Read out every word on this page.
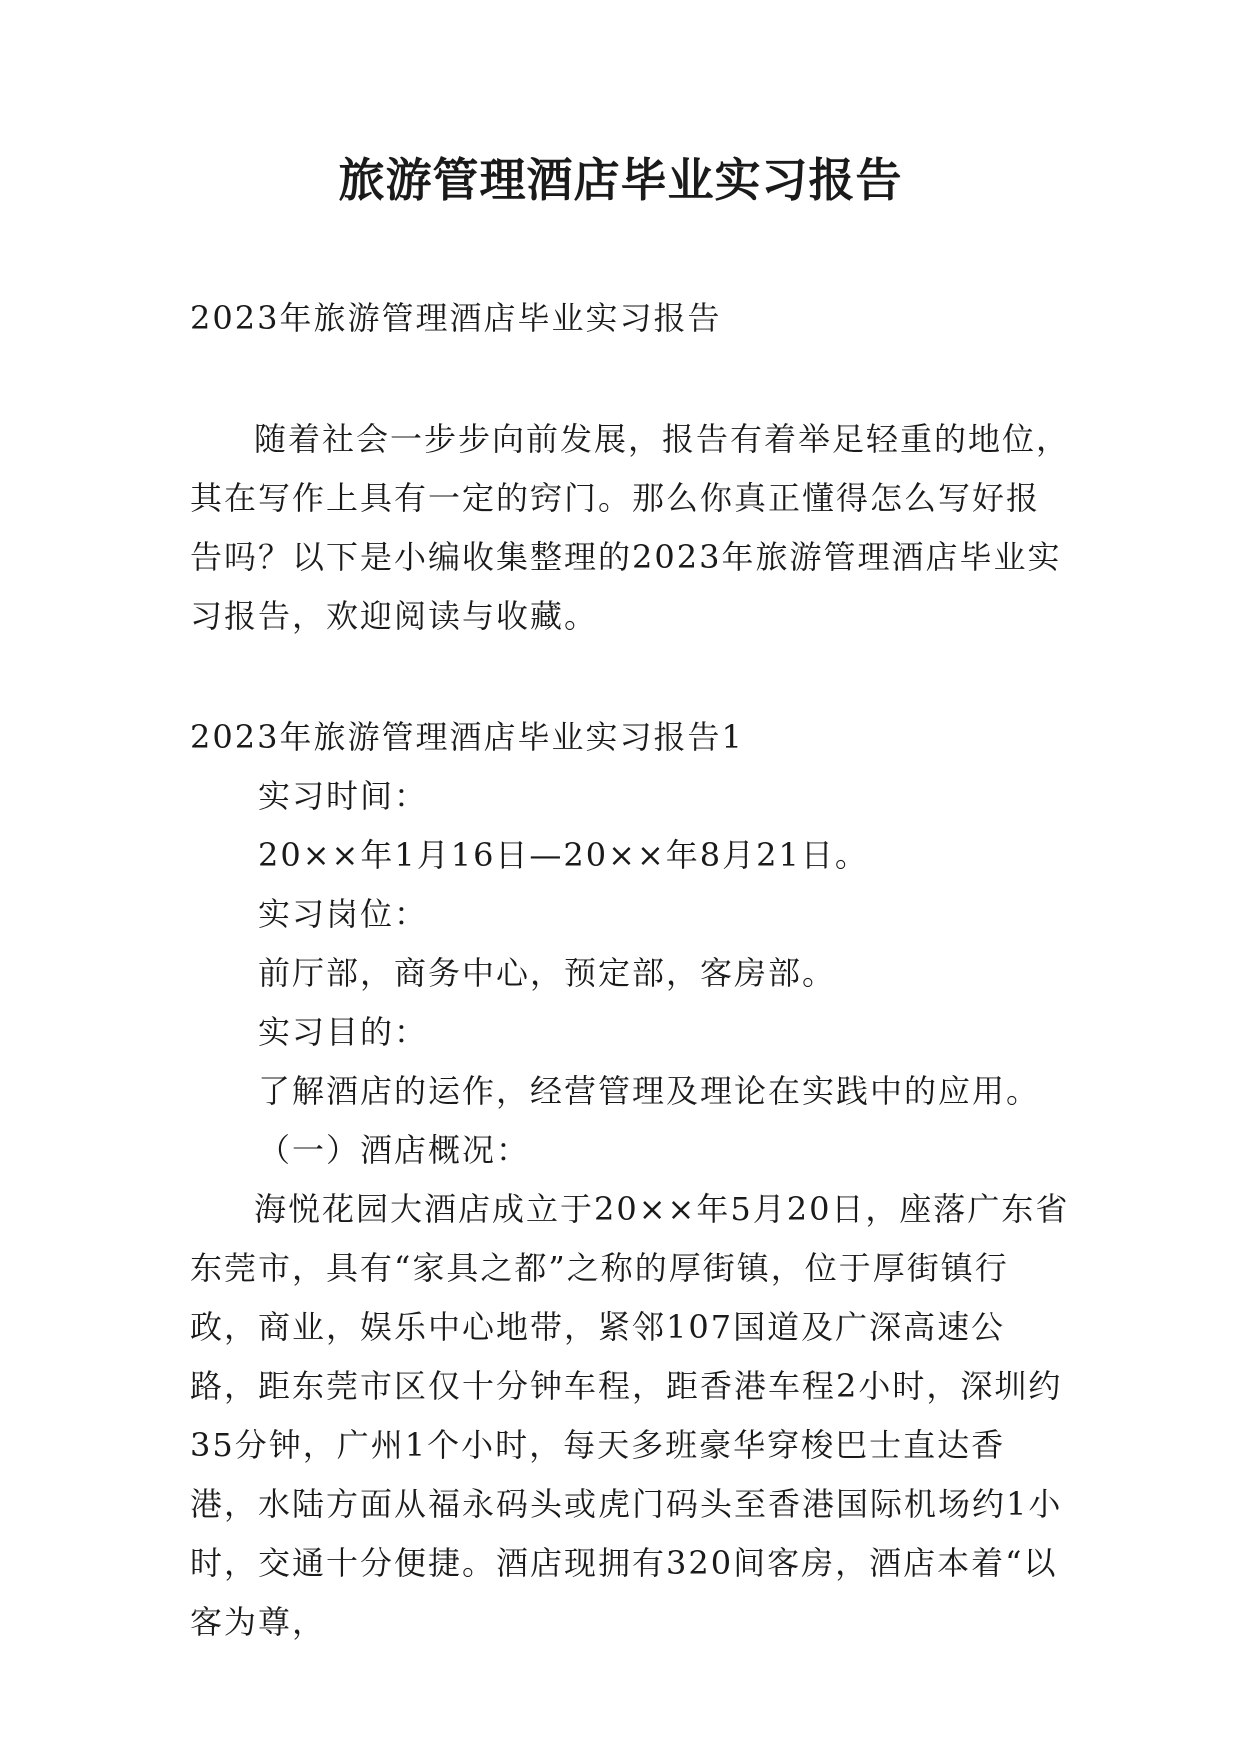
旅游管理酒店毕业实习报告

2023年旅游管理酒店毕业实习报告

随着社会一步步向前发展，报告有着举足轻重的地位，其在写作上具有一定的窍门。那么你真正懂得怎么写好报告吗？以下是小编收集整理的2023年旅游管理酒店毕业实习报告，欢迎阅读与收藏。

2023年旅游管理酒店毕业实习报告1

实习时间：

20××年1月16日—20××年8月21日。

实习岗位：

前厅部，商务中心，预定部，客房部。

实习目的：

了解酒店的运作，经营管理及理论在实践中的应用。

（一）酒店概况：

海悦花园大酒店成立于20××年5月20日，座落广东省东莞市，具有“家具之都”之称的厚街镇，位于厚街镇行政，商业，娱乐中心地带，紧邻107国道及广深高速公路，距东莞市区仅十分钟车程，距香港车程2小时，深圳约35分钟，广州1个小时，每天多班豪华穿梭巴士直达香港，水陆方面从福永码头或虎门码头至香港国际机场约1小时，交通十分便捷。酒店现拥有320间客房，酒店本着“以客为尊，
